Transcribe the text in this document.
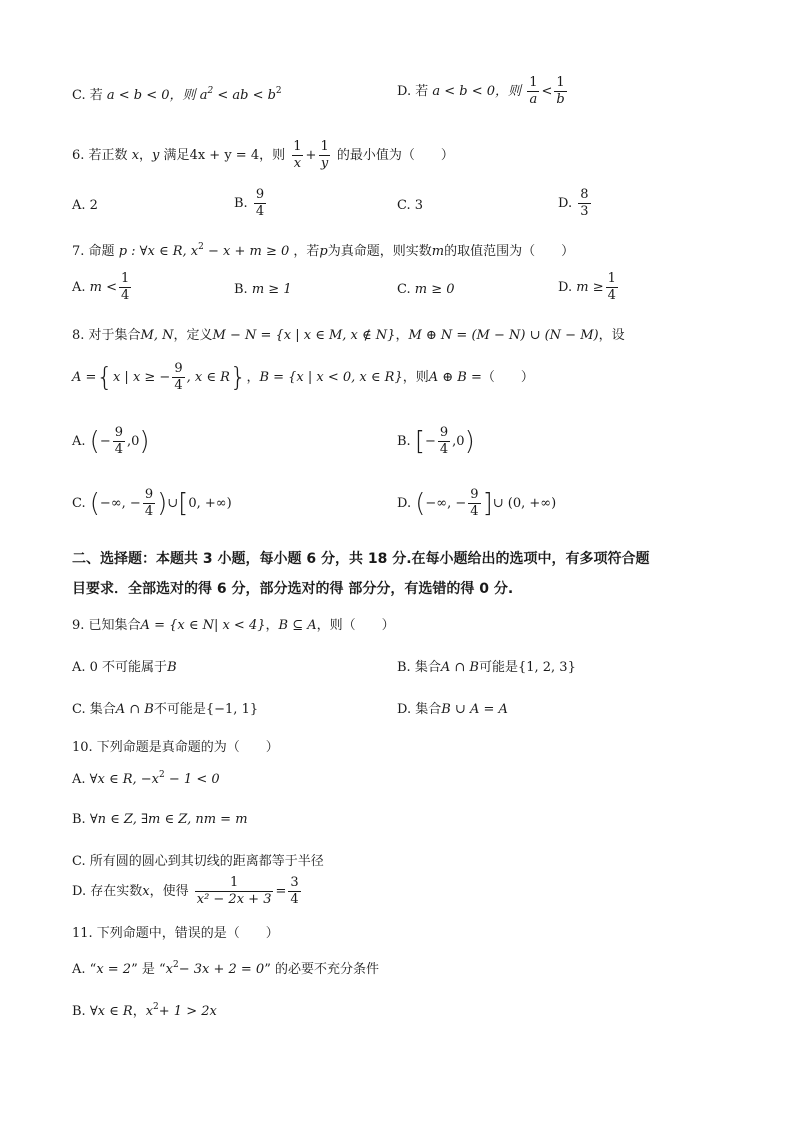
C. 若 a < b < 0，则 $a^2$ < ab < $b^2$	D. 若 a < b < 0，则 $\frac{1}{a} < \frac{1}{b}$
6. 若正数 x，y 满足4x + y = 4，则 $\frac{1}{x} + \frac{1}{y}$ 的最小值为（　　）
A. 2	B. $\frac{9}{4}$	C. 3	D. $\frac{8}{3}$
7. 命题 p : ∀x ∈ R, $x^2 - x + m \ge 0$ ，若p为真命题，则实数m的取值范围为（　　）
A. $m < \frac{1}{4}$	B. m ≥ 1	C. m ≥ 0	D. $m \ge \frac{1}{4}$
8. 对于集合M, N，定义M − N = {x | x ∈ M, x ∉ N}，M ⊕ N = (M − N) ∪ (N − M)，设
A ={x | x ≥ − $\frac{9}{4}$ , x ∈ R}，B = {x | x < 0, x ∈ R}，则A ⊕ B =（　　）
A. (− $\frac{9}{4} ,0$)	B. [− $\frac{9}{4} ,0$)
C. (−∞, − $\frac{9}{4}$ )∪[0, +∞)	D. (−∞, − $\frac{9}{4}$ ]∪ (0, +∞)
二、选择题：本题共 3 小题，每小题 6 分，共 18 分.在每小题给出的选项中，有多项符合题
目要求．全部选对的得 6 分，部分选对的得 部分分，有选错的得 0 分.
9. 已知集合A = {x ∈ N| x < 4}，B ⊆ A，则（　　）
A. 0 不可能属于B	B. 集合A ∩ B可能是{1, 2, 3}
C. 集合A ∩ B不可能是{−1, 1}	D. 集合B ∪ A = A
10. 下列命题是真命题的为（　　）
A. ∀x ∈ R, $-x^2 - 1 < 0$
B. ∀n ∈ Z, ∃m ∈ Z, nm = m
C. 所有圆的圆心到其切线的距离都等于半径
D. 存在实数x，使得 $\frac{1}{\text{x² − 2x + 3}} = \frac{3}{4}$
11. 下列命题中，错误的是（　　）
A. “x = 2” 是 “$x^2- 3x + 2 = 0$” 的必要不充分条件
B. ∀x ∈ R，$x^2+ 1 > 2x$
